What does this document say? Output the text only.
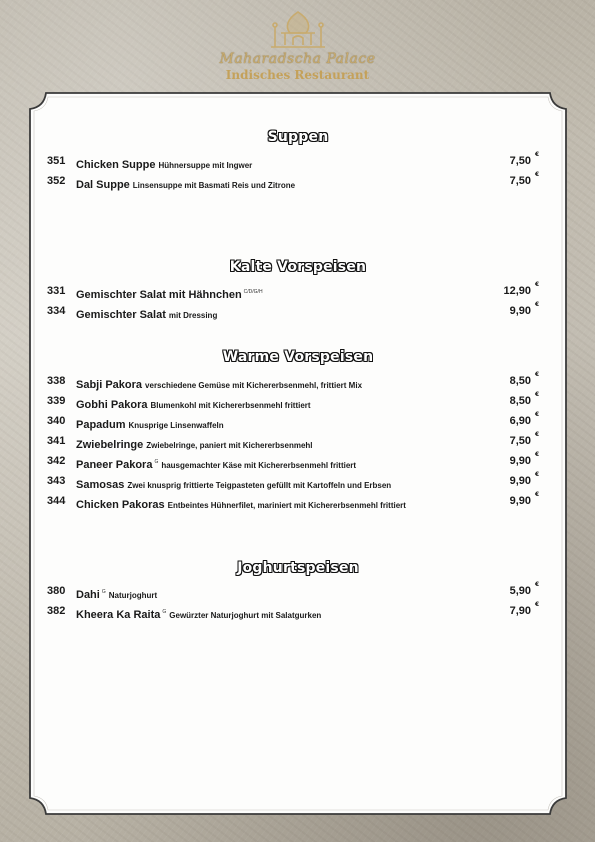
Maharadscha Palace
Indisches Restaurant
Suppen
351 Chicken Suppe Hühnersuppe mit Ingwer	7,50
€
352 Dal Suppe Linsensuppe mit Basmati Reis und Zitrone	7,50
€
Kalte Vorspeisen
331 Gemischter Salat mit Hähnchen $^{C/D/G/H}$	12,90
€
334 Gemischter Salat mit Dressing	9,90
€
Warme Vorspeisen
338 Sabji Pakora verschiedene Gemüse mit Kichererbsenmehl, frittiert Mix	8,50
€
339 Gobhi Pakora Blumenkohl mit Kichererbsenmehl frittiert	8,50
€
340 Papadum Knusprige Linsenwaffeln	6,90
€
341 Zwiebelringe Zwiebelringe, paniert mit Kichererbsenmehl	7,50
€
342 Paneer Pakora $^G$ hausgemachter Käse mit Kichererbsenmehl frittiert	9,90
€
343 Samosas Zwei knusprig frittierte Teigpasteten gefüllt mit Kartoffeln und Erbsen	9,90
€
344 Chicken Pakoras Entbeintes Hühnerfilet, mariniert mit Kichererbsenmehl frittiert	9,90
€
Joghurtspeisen
380 Dahi $^G$ Naturjoghurt	5,90
€
382 Kheera Ka Raita $^G$ Gewürzter Naturjoghurt mit Salatgurken	7,90
€
